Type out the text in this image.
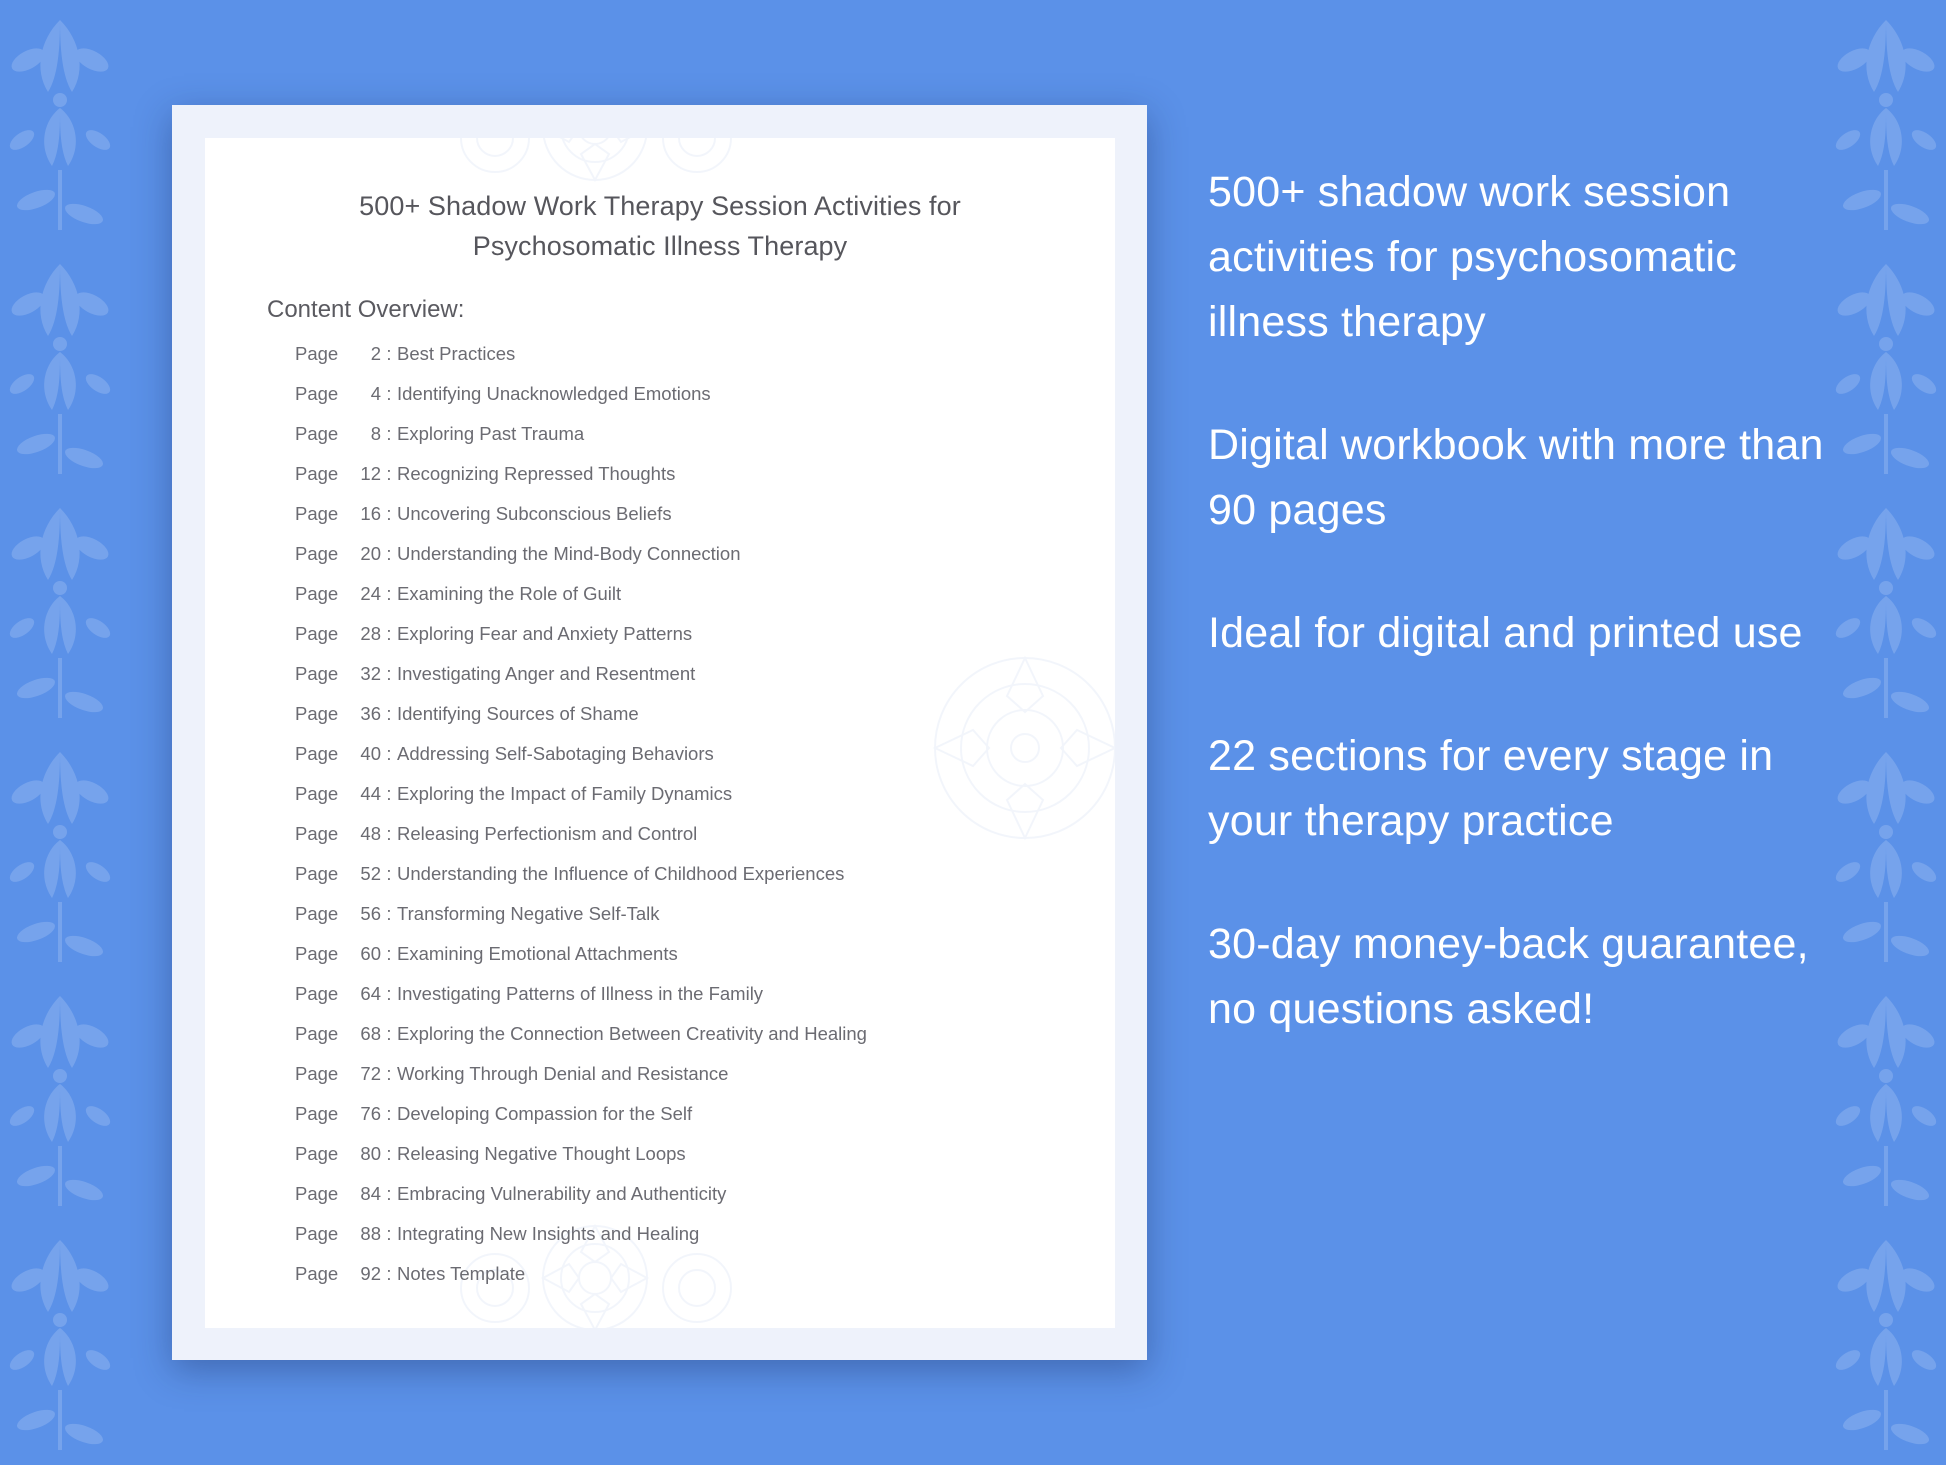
500+ Shadow Work Therapy Session Activities for Psychosomatic Illness Therapy
Content Overview:
Page	2 : Best Practices
Page	4 : Identifying Unacknowledged Emotions
Page	8 : Exploring Past Trauma
Page	12 : Recognizing Repressed Thoughts
Page	16 : Uncovering Subconscious Beliefs
Page	20 : Understanding the Mind-Body Connection
Page	24 : Examining the Role of Guilt
Page	28 : Exploring Fear and Anxiety Patterns
Page	32 : Investigating Anger and Resentment
Page	36 : Identifying Sources of Shame
Page	40 : Addressing Self-Sabotaging Behaviors
Page	44 : Exploring the Impact of Family Dynamics
Page	48 : Releasing Perfectionism and Control
Page	52 : Understanding the Influence of Childhood Experiences
Page	56 : Transforming Negative Self-Talk
Page	60 : Examining Emotional Attachments
Page	64 : Investigating Patterns of Illness in the Family
Page	68 : Exploring the Connection Between Creativity and Healing
Page	72 : Working Through Denial and Resistance
Page	76 : Developing Compassion for the Self
Page	80 : Releasing Negative Thought Loops
Page	84 : Embracing Vulnerability and Authenticity
Page	88 : Integrating New Insights and Healing
Page	92 : Notes Template
500+ shadow work session activities for psychosomatic illness therapy
Digital workbook with more than 90 pages
Ideal for digital and printed use
22 sections for every stage in your therapy practice
30-day money-back guarantee, no questions asked!
